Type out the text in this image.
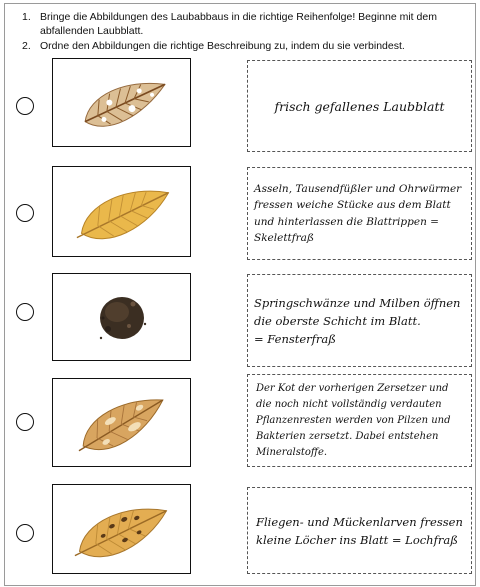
1. Bringe die Abbildungen des Laubabbaus in die richtige Reihenfolge! Beginne mit dem
abfallenden Laubblatt.
2. Ordne den Abbildungen die richtige Beschreibung zu, indem du sie verbindest.
frisch gefallenes Laubblatt
Asseln, Tausendfüßler und Ohrwürmer
fressen weiche Stücke aus dem Blatt
und hinterlassen die Blattrippen =
Skelettfraß
Springschwänze und Milben öffnen
die oberste Schicht im Blatt.
= Fensterfraß
Der Kot der vorherigen Zersetzer und
die noch nicht vollständig verdauten
Pflanzenresten werden von Pilzen und
Bakterien zersetzt. Dabei entstehen
Mineralstoffe.
Fliegen- und Mückenlarven fressen
kleine Löcher ins Blatt = Lochfraß
